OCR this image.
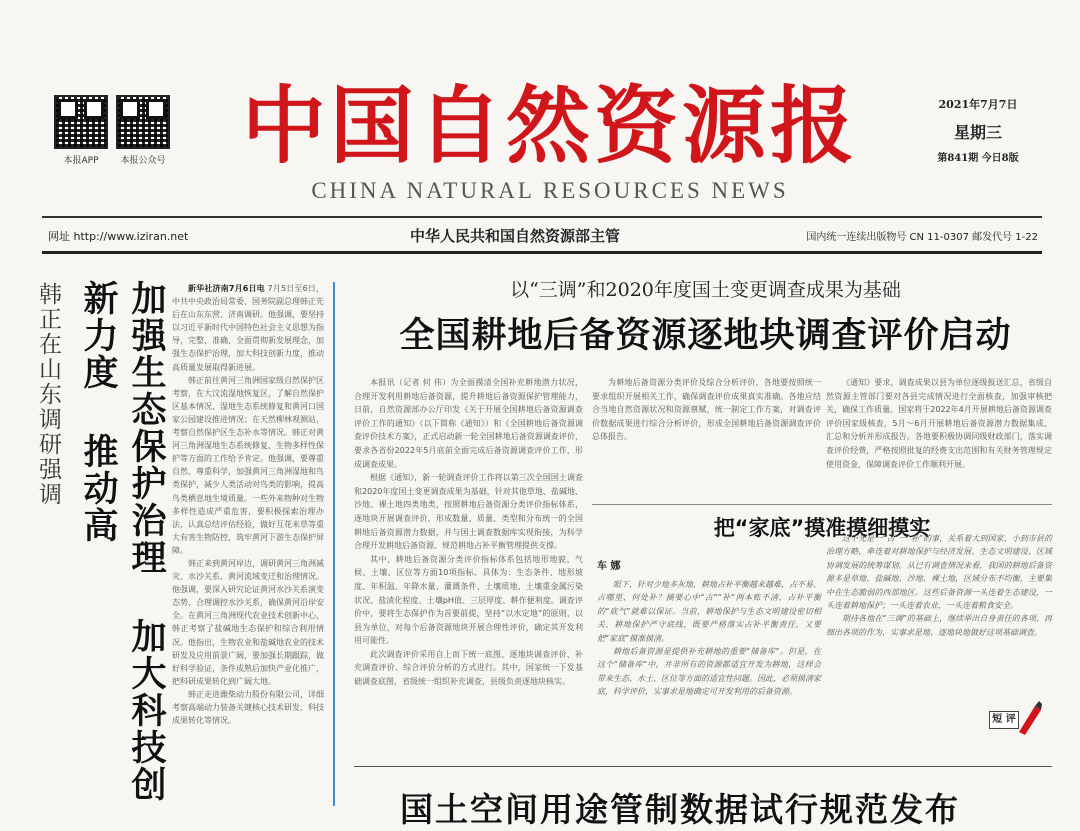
本报APP	本报公众号 中国自然资源报
CHINA NATURAL RESOURCES NEWS
2021年7月7日
星期三
第841期 今日8版
网址 http://www.iziran.net	中华人民共和国自然资源部主管	国内统一连续出版物号 CN 11-0307 邮发代号 1-22
韩正在山东调研强调	加强生态保护治理 加大科技创新力度 推动高	新华社济南7月6日电 7月5日至6日，中共中央政治局常委、国务院副总理韩正先后在山东东营、济南调研。他强调，要坚持以习近平新时代中国特色社会主义思想为指导，完整、准确、全面贯彻新发展理念，加强生态保护治理，加大科技创新力度，推动高质量发展取得新进展。

韩正前往黄河三角洲国家级自然保护区考察，在大汶流湿地恢复区，了解自然保护区基本情况、湿地生态系统修复和黄河口国家公园建设推进情况；在天然柳林观测站，考察自然保护区生态补水等情况。韩正对黄河三角洲湿地生态系统修复、生物多样性保护等方面的工作给予肯定。他强调，要尊重自然、尊重科学，加强黄河三角洲湿地和鸟类保护，减少人类活动对鸟类的影响，提高鸟类栖息地生境质量。一些外来物种对生物多样性造成严重危害，要积极探索治理办法，认真总结评估经验，做好互花米草等重大有害生物防控，筑牢黄河下游生态保护屏障。

韩正来到黄河岸边，调研黄河三角洲减灾、水沙关系、黄河流域变迁和治理情况。他强调，要深入研究论证黄河水沙关系演变态势，合理调控水沙关系，确保黄河沿岸安全。在黄河三角洲现代农业技术创新中心，韩正考察了盐碱地生态保护和综合利用情况。他指出，生物农业和盐碱地农业的技术研发及应用前景广阔，要加强长期跟踪，做好科学验证，条件成熟后加快产业化推广，把科研成果转化到广阔大地。

韩正走进潍柴动力股份有限公司，详细考察高端动力装备关键核心技术研发、科技成果转化等情况。

以“三调”和2020年度国土变更调查成果为基础
全国耕地后备资源逐地块调查评价启动

本报讯（记者 何 伟）为全面摸清全国补充耕地潜力状况，合理开发利用耕地后备资源，提升耕地后备资源保护管理能力，日前，自然资源部办公厅印发《关于开展全国耕地后备资源调查评价工作的通知》（以下简称《通知》）和《全国耕地后备资源调查评价技术方案》，正式启动新一轮全国耕地后备资源调查评价，要求各省份2022年5月底前全面完成后备资源调查评价工作，形成调查成果。

根据《通知》，新一轮调查评价工作将以第三次全国国土调查和2020年度国土变更调查成果为基础，针对其他草地、盐碱地、沙地、裸土地四类地类，按照耕地后备资源分类评价指标体系，逐地块开展调查评价，形成数量、质量、类型和分布统一的全国耕地后备资源潜力数据，并与国土调查数据库实现衔接，为科学合理开发耕地后备资源、规范耕地占补平衡管理提供支撑。

其中，耕地后备资源分类评价指标体系包括地形地貌、气候、土壤、区位等方面10项指标。具体为：生态条件、地形坡度、年积温、年降水量、灌溉条件、土壤质地、土壤重金属污染状况、盐渍化程度、土壤pH值、三层厚度、耕作便利度。调查评价中，要将生态保护作为首要前提，坚持“以水定地”的原则，以县为单位，对每个后备资源地块开展合理性评价，确定其开发利用可能性。

此次调查评价采用自上而下统一底图、逐地块调查评价、补充调查评价、综合评价分析的方式进行。其中，国家统一下发基础调查底图，省级统一组织补充调查，县级负责逐地块核实。

为耕地后备资源分类评价及综合分析评价，各地要按照统一要求组织开展相关工作，确保调查评价成果真实准确。各地应结合当地自然资源状况和资源禀赋，统一制定工作方案，对调查评价数据成果进行综合分析评价，形成全国耕地后备资源调查评价总体报告。

《通知》要求，调查成果以县为单位逐级报送汇总，省级自然资源主管部门要对各县完成情况进行全面核查，加强审核把关，确保工作质量。国家将于2022年4月开展耕地后备资源调查评价国家级核查，5月～6月开展耕地后备资源潜力数据集成、汇总和分析并形成报告。各地要积极协调同级财政部门，落实调查评价经费，严格按照批复的经费支出范围和有关财务管理规定使用资金，保障调查评价工作顺利开展。

把“家底”摸准摸细摸实
车 娜

眼下，针对少地多灰地，耕地占补平衡越来越难，占不易、占哪里、何处补？摘要心中“占”“补”两本账不清，占补平衡的“底气”就难以保证。当前，耕地保护与生态文明建设密切相关，耕地保护严守底线，既要严格落实占补平衡责任，又要把“家底”摸准摸清。

耕地后备资源是提供补充耕地的重要“储备库”。但是，在这个“储备库”中，并非所有的资源都适宜开发为耕地，这样会带来生态、水土、区位等方面的适宜性问题。因此，必须摸清家底，科学评价，实事求是地确定可开发利用的后备资源。

这不光是一“占”一“补”的事，关系着大到国家、小到市县的治理方略，牵连着对耕地保护与经济发展、生态文明建设、区域协调发展的统筹谋划。从已有调查情况来看，我国的耕地后备资源多是草地、盐碱地、沙地、裸土地，区域分布不均衡，主要集中在生态脆弱的西部地区。这些后备资源一头连着生态建设，一头连着耕地保护；一头连着农业，一头连着粮食安全。

期待各地在“三调”的基础上，继续举出自身责任的各项、再细出各项的作为，实事求是地、逐地块地做好这项基础调查。

短 评
国土空间用途管制数据试行规范发布
